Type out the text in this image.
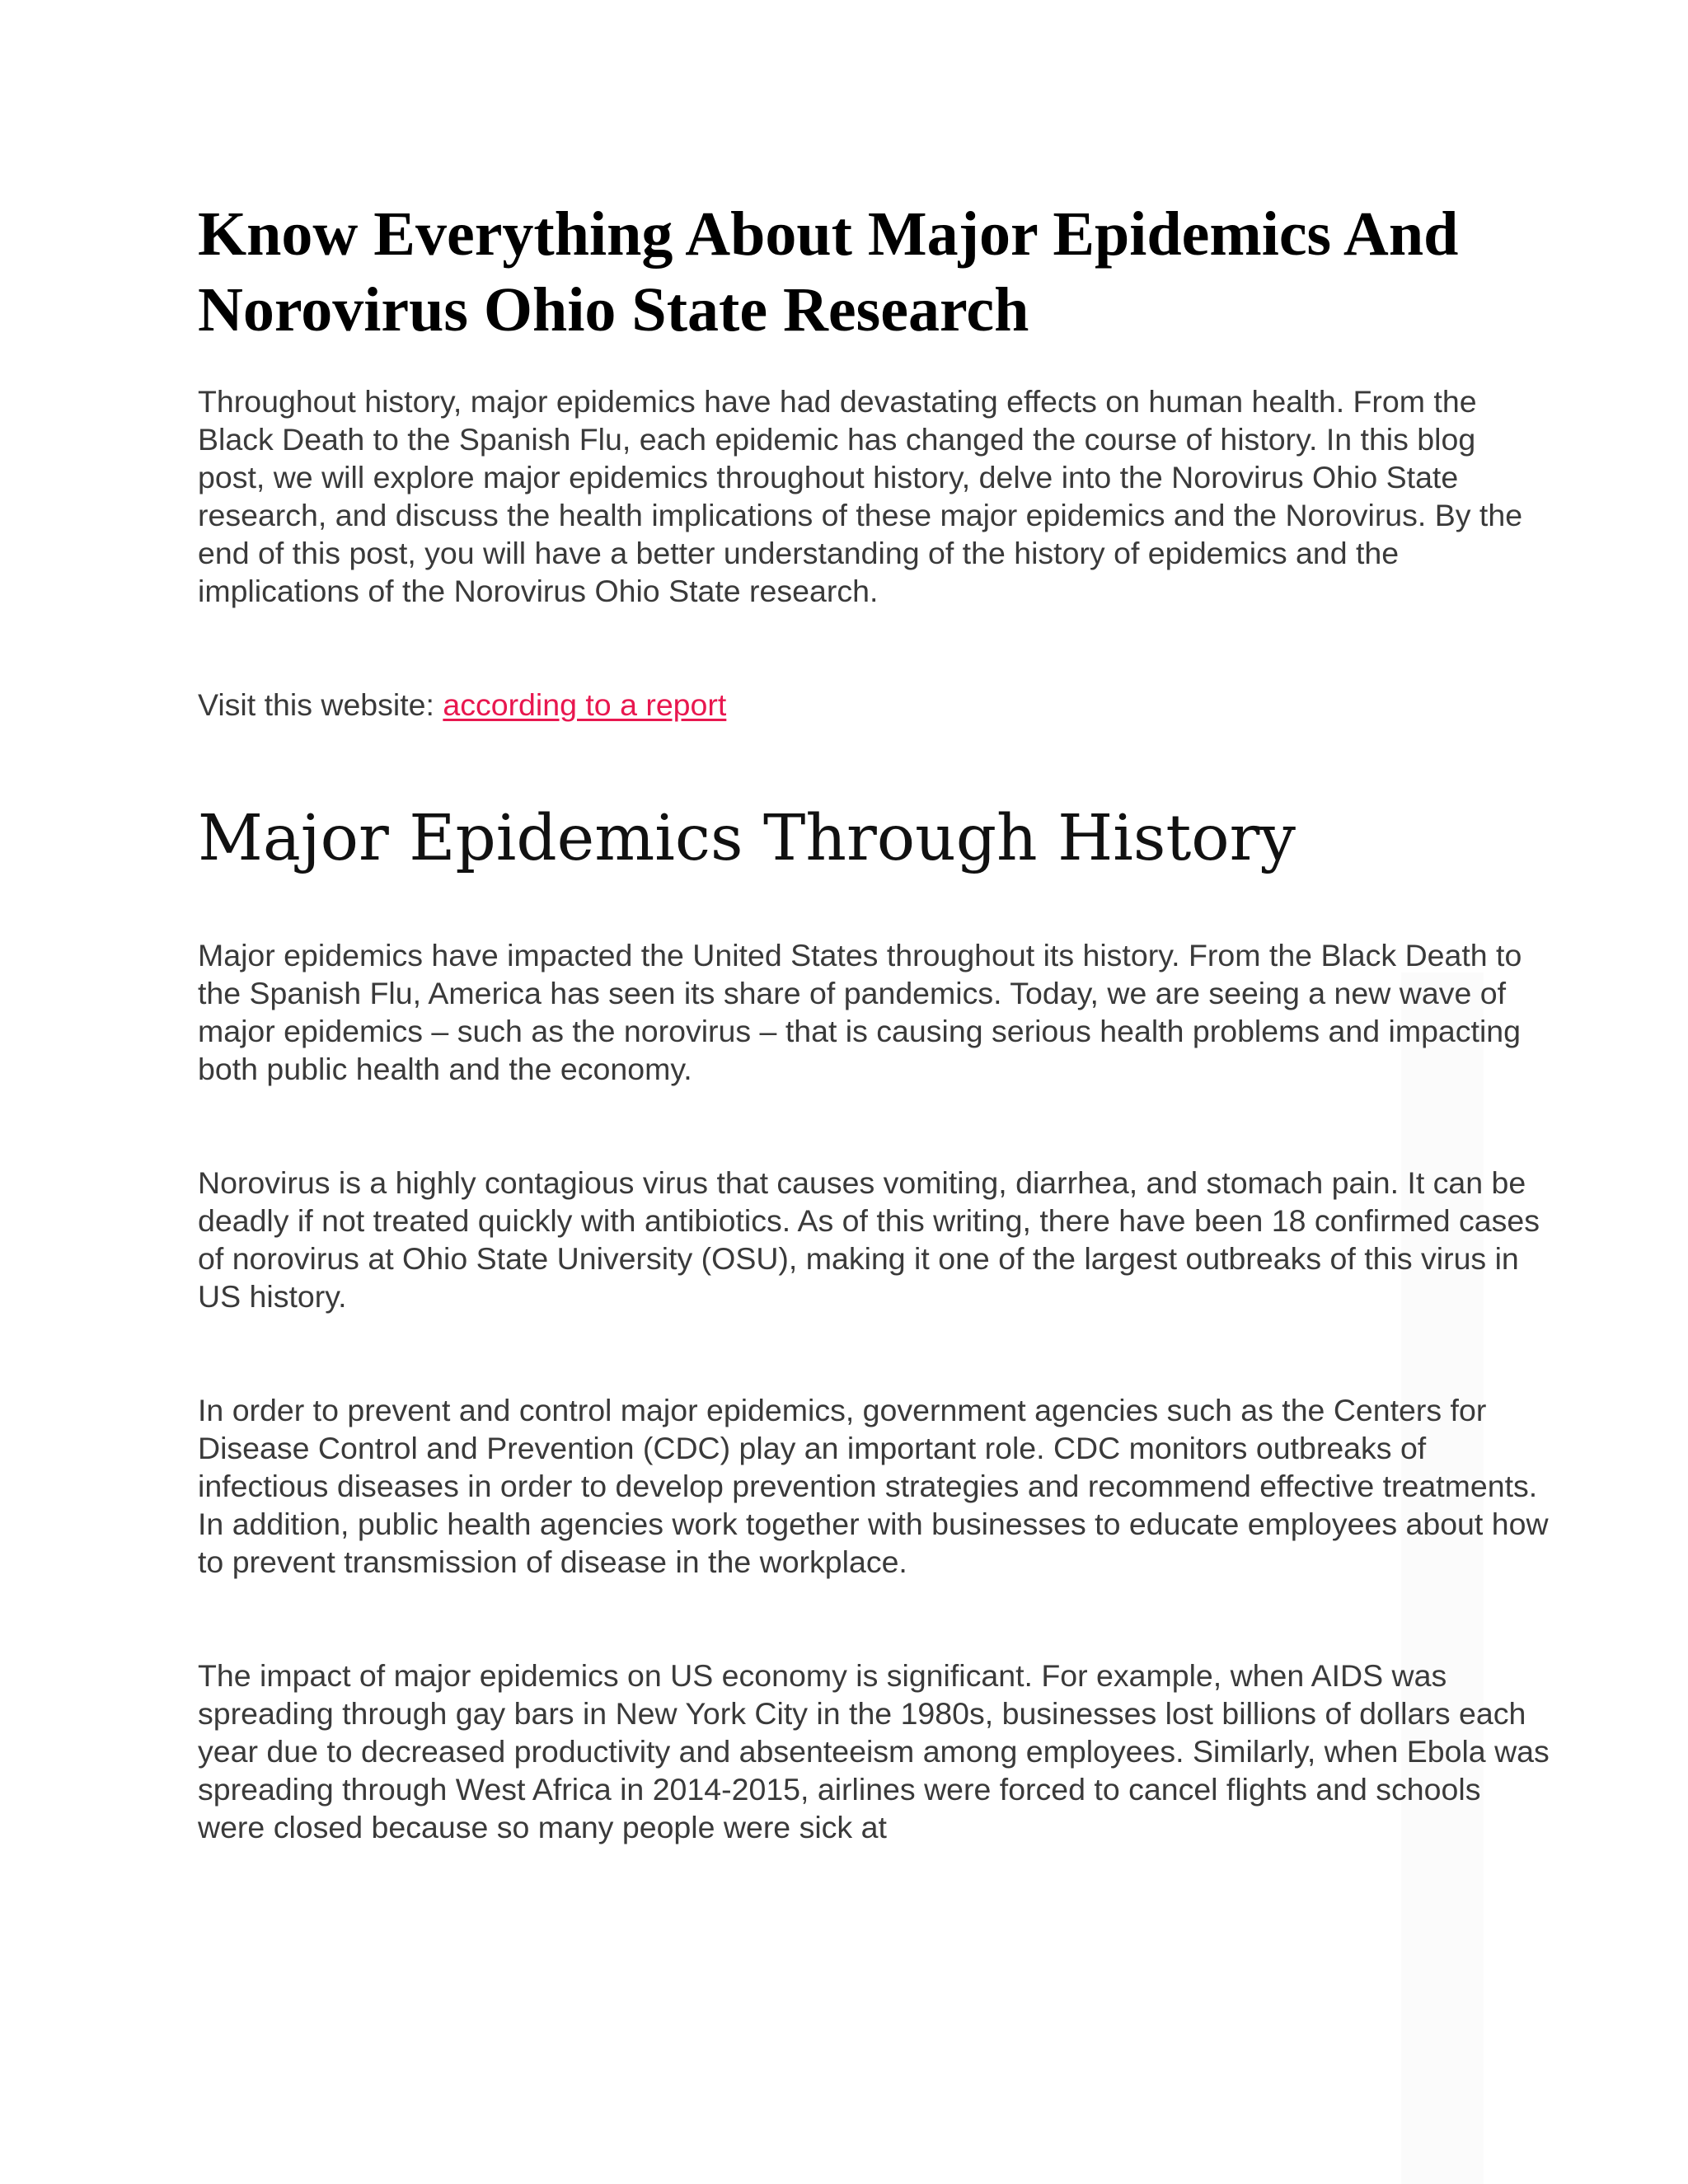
Know Everything About Major Epidemics And Norovirus Ohio State Research

Throughout history, major epidemics have had devastating effects on human health. From the Black Death to the Spanish Flu, each epidemic has changed the course of history. In this blog post, we will explore major epidemics throughout history, delve into the Norovirus Ohio State research, and discuss the health implications of these major epidemics and the Norovirus. By the end of this post, you will have a better understanding of the history of epidemics and the implications of the Norovirus Ohio State research.

Visit this website: according to a report

Major Epidemics Through History

Major epidemics have impacted the United States throughout its history. From the Black Death to the Spanish Flu, America has seen its share of pandemics. Today, we are seeing a new wave of major epidemics – such as the norovirus – that is causing serious health problems and impacting both public health and the economy.

Norovirus is a highly contagious virus that causes vomiting, diarrhea, and stomach pain. It can be deadly if not treated quickly with antibiotics. As of this writing, there have been 18 confirmed cases of norovirus at Ohio State University (OSU), making it one of the largest outbreaks of this virus in US history.

In order to prevent and control major epidemics, government agencies such as the Centers for Disease Control and Prevention (CDC) play an important role. CDC monitors outbreaks of infectious diseases in order to develop prevention strategies and recommend effective treatments. In addition, public health agencies work together with businesses to educate employees about how to prevent transmission of disease in the workplace.

The impact of major epidemics on US economy is significant. For example, when AIDS was spreading through gay bars in New York City in the 1980s, businesses lost billions of dollars each year due to decreased productivity and absenteeism among employees. Similarly, when Ebola was spreading through West Africa in 2014-2015, airlines were forced to cancel flights and schools were closed because so many people were sick at
